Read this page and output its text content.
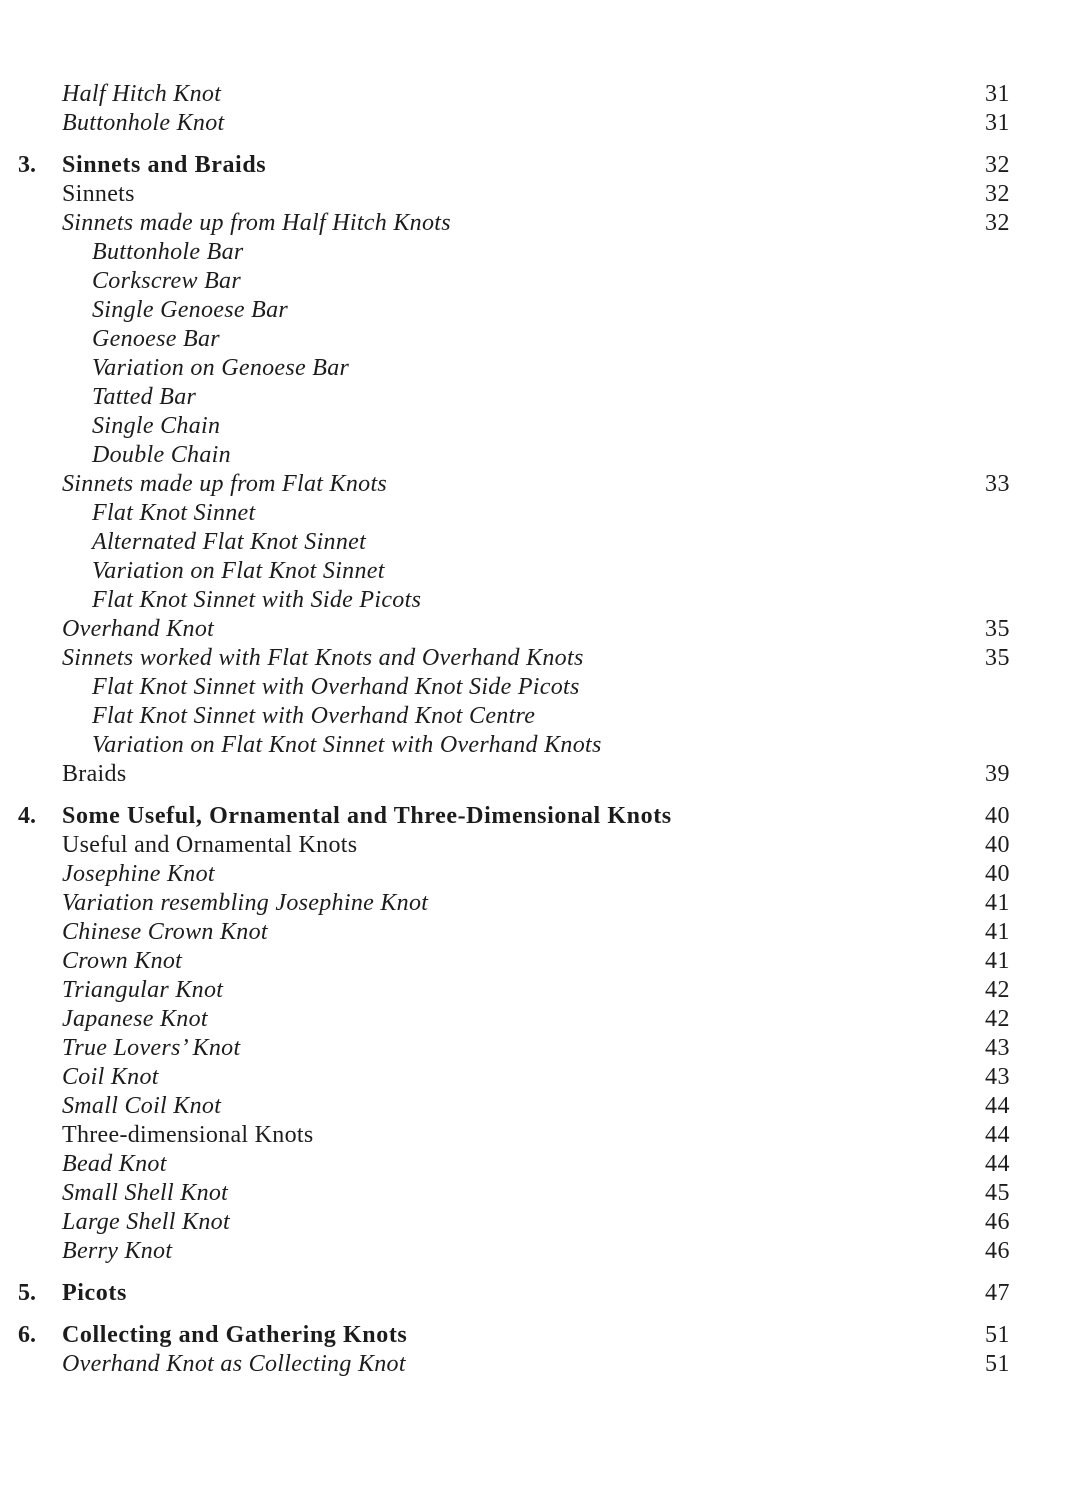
Half Hitch Knot	31
Buttonhole Knot	31
3. Sinnets and Braids	32
Sinnets	32
Sinnets made up from Half Hitch Knots	32
Buttonhole Bar
Corkscrew Bar
Single Genoese Bar
Genoese Bar
Variation on Genoese Bar
Tatted Bar
Single Chain
Double Chain
Sinnets made up from Flat Knots	33
Flat Knot Sinnet
Alternated Flat Knot Sinnet
Variation on Flat Knot Sinnet
Flat Knot Sinnet with Side Picots
Overhand Knot	35
Sinnets worked with Flat Knots and Overhand Knots	35
Flat Knot Sinnet with Overhand Knot Side Picots
Flat Knot Sinnet with Overhand Knot Centre
Variation on Flat Knot Sinnet with Overhand Knots
Braids	39
4. Some Useful, Ornamental and Three-Dimensional Knots	40
Useful and Ornamental Knots	40
Josephine Knot	40
Variation resembling Josephine Knot	41
Chinese Crown Knot	41
Crown Knot	41
Triangular Knot	42
Japanese Knot	42
True Lovers’ Knot	43
Coil Knot	43
Small Coil Knot	44
Three-dimensional Knots	44
Bead Knot	44
Small Shell Knot	45
Large Shell Knot	46
Berry Knot	46
5. Picots	47
6. Collecting and Gathering Knots	51
Overhand Knot as Collecting Knot	51
